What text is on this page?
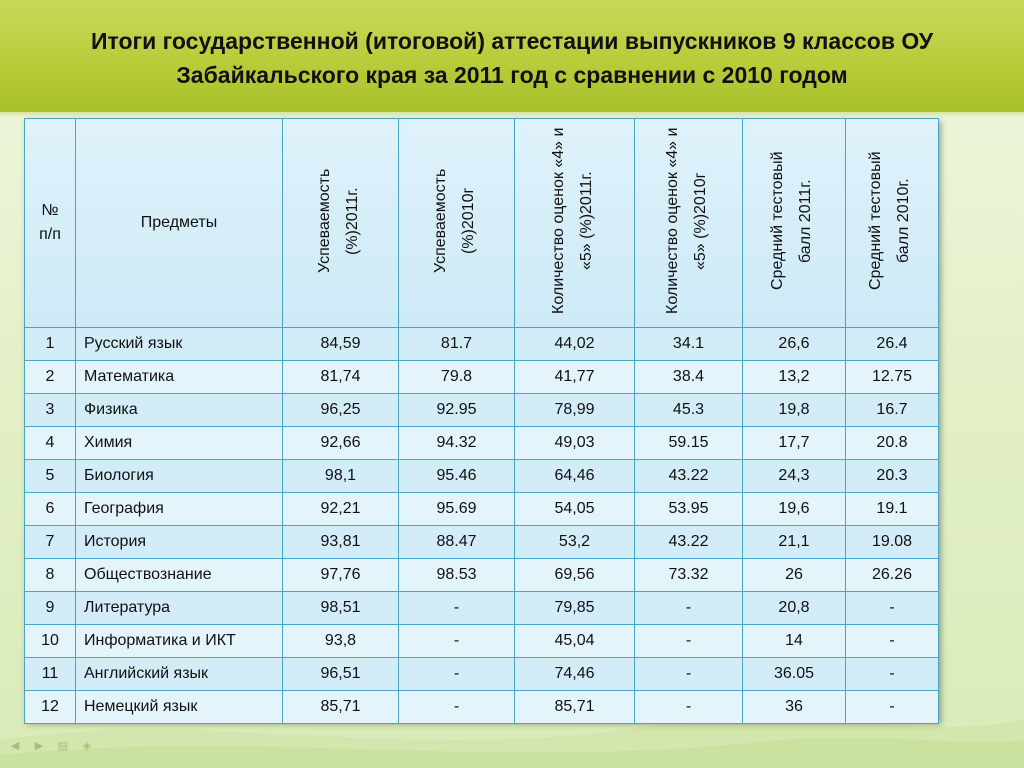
Итоги государственной (итоговой) аттестации выпускников 9 классов ОУ
Забайкальского края за 2011 год с сравнении с 2010 годом
№ п/п	Предметы	Успеваемость (%)2011г.	Успеваемость (%)2010г	Количество оценок «4» и «5» (%)2011г.	Количество оценок «4» и «5» (%)2010г	Средний тестовый балл 2011г.	Средний тестовый балл 2010г.
1	Русский язык	84,59	81.7	44,02	34.1	26,6	26.4
2	Математика	81,74	79.8	41,77	38.4	13,2	12.75
3	Физика	96,25	92.95	78,99	45.3	19,8	16.7
4	Химия	92,66	94.32	49,03	59.15	17,7	20.8
5	Биология	98,1	95.46	64,46	43.22	24,3	20.3
6	География	92,21	95.69	54,05	53.95	19,6	19.1
7	История	93,81	88.47	53,2	43.22	21,1	19.08
8	Обществознание	97,76	98.53	69,56	73.32	26	26.26
9	Литература	98,51	-	79,85	-	20,8	-
10	Информатика и ИКТ	93,8	-	45,04	-	14	-
11	Английский язык	96,51	-	74,46	-	36.05	-
12	Немецкий язык	85,71	-	85,71	-	36	-
◀ ▶ ▤ ◈
